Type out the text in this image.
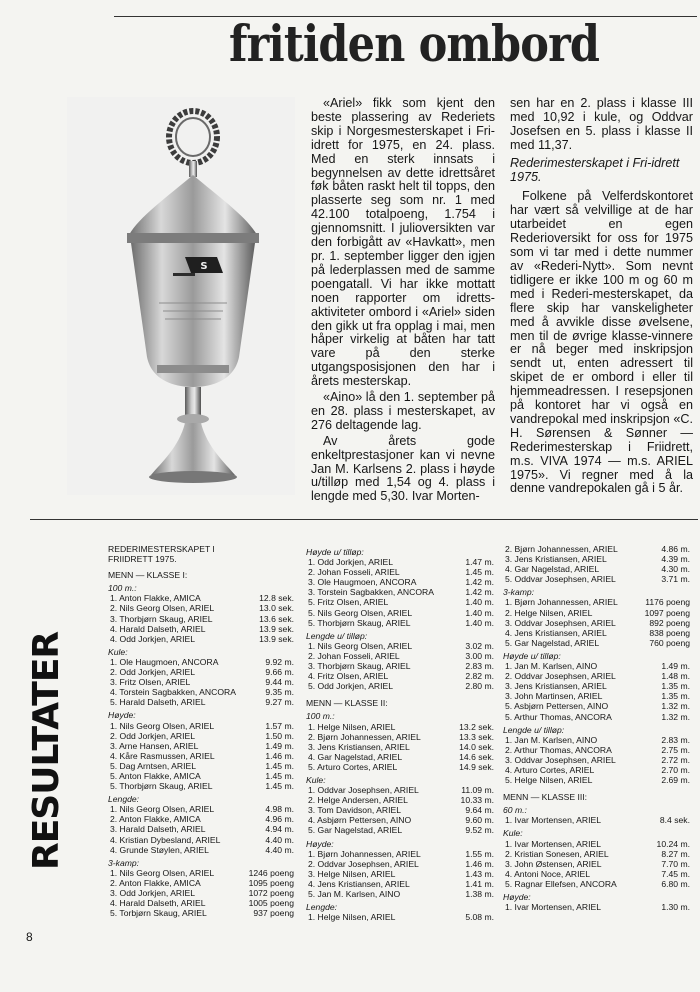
fritiden ombord
S

«Ariel» fikk som kjent den beste plassering av Rederiets skip i Norgesmesterskapet i Fri-idrett for 1975, en 24. plass. Med en sterk innsats i begynnelsen av dette idrettsåret føk båten raskt helt til topps, den plasserte seg som nr. 1 med 42.100 totalpoeng, 1.754 i gjennomsnitt. I julioversikten var den forbigått av «Havkatt», men pr. 1. september ligger den igjen på lederplassen med de samme poengatall. Vi har ikke mottatt noen rapporter om idretts-aktiviteter ombord i «Ariel» siden den gikk ut fra opplag i mai, men håper virkelig at båten har tatt vare på den sterke utgangsposisjonen den har i årets mesterskap.

«Aino» lå den 1. september på en 28. plass i mesterskapet, av 276 deltagende lag.

Av årets gode enkeltprestasjoner kan vi nevne Jan M. Karlsens 2. plass i høyde u/tilløp med 1,54 og 4. plass i lengde med 5,30. Ivar Morten-

sen har en 2. plass i klasse III med 10,92 i kule, og Oddvar Josefsen en 5. plass i klasse II med 11,37.

Rederimesterskapet i Fri-idrett 1975.

Folkene på Velferdskontoret har vært så velvillige at de har utarbeidet en egen Rederioversikt for oss for 1975 som vi tar med i dette nummer av «Rederi-Nytt». Som nevnt tidligere er ikke 100 m og 60 m med i Rederi-mesterskapet, da flere skip har vanskeligheter med å avvikle disse øvelsene, men til de øvrige klasse-vinnere er nå beger med inskripsjon sendt ut, enten adressert til skipet de er ombord i eller til hjemmeadressen. I resepsjonen på kontoret har vi også en vandrepokal med inskripsjon «C. H. Sørensen & Sønner — Rederimesterskap i Friidrett, m.s. VIVA 1974 — m.s. ARIEL 1975». Vi regner med å la denne vandrepokalen gå i 5 år.

RESULTATER
8
REDERIMESTERSKAPET I
FRIIDRETT 1975.
MENN — KLASSE I:
100 m.:
1. Anton Flakke, AMICA	12.8 sek.
2. Nils Georg Olsen, ARIEL	13.0 sek.
3. Thorbjørn Skaug, ARIEL	13.6 sek.
4. Harald Dalseth, ARIEL	13.9 sek.
4. Odd Jorkjen, ARIEL	13.9 sek.
Kule:
1. Ole Haugmoen, ANCORA	9.92 m.
2. Odd Jorkjen, ARIEL	9.66 m.
3. Fritz Olsen, ARIEL	9.44 m.
4. Torstein Sagbakken, ANCORA	9.35 m.
5. Harald Dalseth, ARIEL	9.27 m.
Høyde:
1. Nils Georg Olsen, ARIEL	1.57 m.
2. Odd Jorkjen, ARIEL	1.50 m.
3. Arne Hansen, ARIEL	1.49 m.
4. Kåre Rasmussen, ARIEL	1.46 m.
5. Dag Arntsen, ARIEL	1.45 m.
5. Anton Flakke, AMICA	1.45 m.
5. Thorbjørn Skaug, ARIEL	1.45 m.
Lengde:
1. Nils Georg Olsen, ARIEL	4.98 m.
2. Anton Flakke, AMICA	4.96 m.
3. Harald Dalseth, ARIEL	4.94 m.
4. Kristian Dybesland, ARIEL	4.40 m.
4. Grunde Støylen, ARIEL	4.40 m.
3-kamp:
1. Nils Georg Olsen, ARIEL	1246 poeng
2. Anton Flakke, AMICA	1095 poeng
3. Odd Jorkjen, ARIEL	1072 poeng
4. Harald Dalseth, ARIEL	1005 poeng
5. Torbjørn Skaug, ARIEL	937 poeng
Høyde u/ tilløp:
1. Odd Jorkjen, ARIEL	1.47 m.
2. Johan Fosseli, ARIEL	1.45 m.
3. Ole Haugmoen, ANCORA	1.42 m.
3. Torstein Sagbakken, ANCORA	1.42 m.
5. Fritz Olsen, ARIEL	1.40 m.
5. Nils Georg Olsen, ARIEL	1.40 m.
5. Thorbjørn Skaug, ARIEL	1.40 m.
Lengde u/ tilløp:
1. Nils Georg Olsen, ARIEL	3.02 m.
2. Johan Fosseli, ARIEL	3.00 m.
3. Thorbjørn Skaug, ARIEL	2.83 m.
4. Fritz Olsen, ARIEL	2.82 m.
5. Odd Jorkjen, ARIEL	2.80 m.
MENN — KLASSE II:
100 m.:
1. Helge Nilsen, ARIEL	13.2 sek.
2. Bjørn Johannessen, ARIEL	13.3 sek.
3. Jens Kristiansen, ARIEL	14.0 sek.
4. Gar Nagelstad, ARIEL	14.6 sek.
5. Arturo Cortes, ARIEL	14.9 sek.
Kule:
1. Oddvar Josephsen, ARIEL	11.09 m.
2. Helge Andersen, ARIEL	10.33 m.
3. Tom Davidson, ARIEL	9.64 m.
4. Asbjørn Pettersen, AINO	9.60 m.
5. Gar Nagelstad, ARIEL	9.52 m.
Høyde:
1. Bjørn Johannessen, ARIEL	1.55 m.
2. Oddvar Josephsen, ARIEL	1.46 m.
3. Helge Nilsen, ARIEL	1.43 m.
4. Jens Kristiansen, ARIEL	1.41 m.
5. Jan M. Karlsen, AINO	1.38 m.
Lengde:
1. Helge Nilsen, ARIEL	5.08 m.
2. Bjørn Johannessen, ARIEL	4.86 m.
3. Jens Kristiansen, ARIEL	4.39 m.
4. Gar Nagelstad, ARIEL	4.30 m.
5. Oddvar Josephsen, ARIEL	3.71 m.
3-kamp:
1. Bjørn Johannessen, ARIEL	1176 poeng
2. Helge Nilsen, ARIEL	1097 poeng
3. Oddvar Josephsen, ARIEL	892 poeng
4. Jens Kristiansen, ARIEL	838 poeng
5. Gar Nagelstad, ARIEL	760 poeng
Høyde u/ tilløp:
1. Jan M. Karlsen, AINO	1.49 m.
2. Oddvar Josephsen, ARIEL	1.48 m.
3. Jens Kristiansen, ARIEL	1.35 m.
3. John Martinsen, ARIEL	1.35 m.
5. Asbjørn Pettersen, AINO	1.32 m.
5. Arthur Thomas, ANCORA	1.32 m.
Lengde u/ tilløp:
1. Jan M. Karlsen, AINO	2.83 m.
2. Arthur Thomas, ANCORA	2.75 m.
3. Oddvar Josephsen, ARIEL	2.72 m.
4. Arturo Cortes, ARIEL	2.70 m.
5. Helge Nilsen, ARIEL	2.69 m.
MENN — KLASSE III:
60 m.:
1. Ivar Mortensen, ARIEL	8.4 sek.
Kule:
1. Ivar Mortensen, ARIEL	10.24 m.
2. Kristian Sonesen, ARIEL	8.27 m.
3. John Østensen, ARIEL	7.70 m.
4. Antoni Noce, ARIEL	7.45 m.
5. Ragnar Ellefsen, ANCORA	6.80 m.
Høyde:
1. Ivar Mortensen, ARIEL	1.30 m.
